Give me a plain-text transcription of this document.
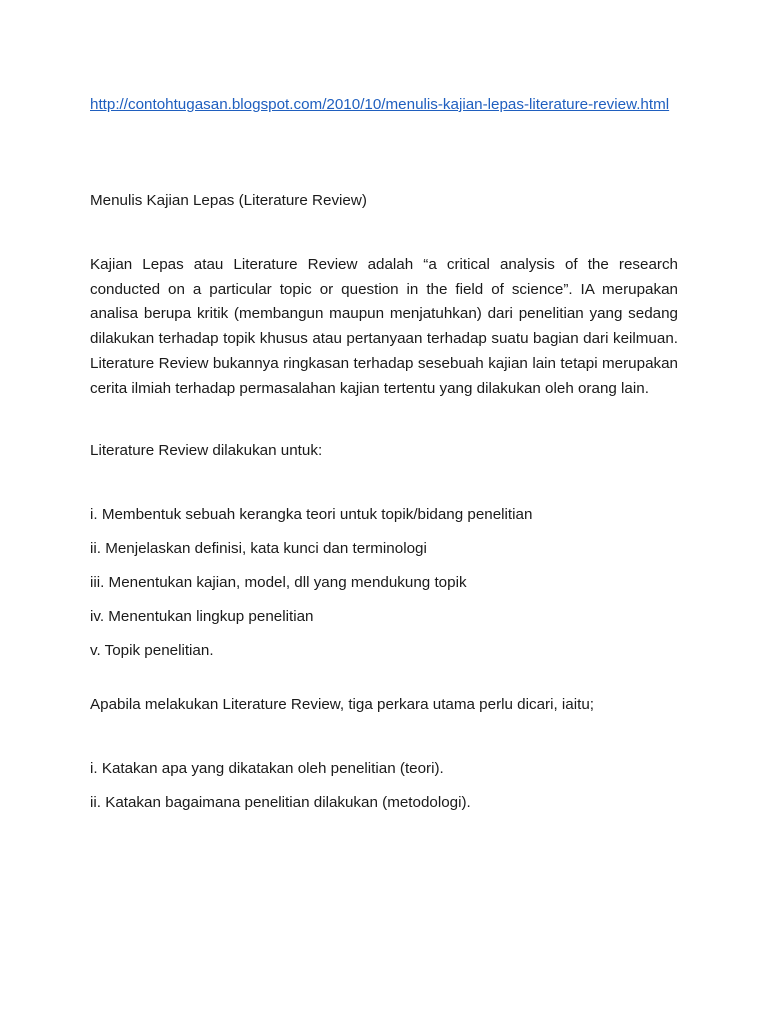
http://contohtugasan.blogspot.com/2010/10/menulis-kajian-lepas-literature-review.html

Menulis Kajian Lepas (Literature Review)

Kajian Lepas atau Literature Review adalah “a critical analysis of the research conducted on a particular topic or question in the field of science”. IA merupakan analisa berupa kritik (membangun maupun menjatuhkan) dari penelitian yang sedang dilakukan terhadap topik khusus atau pertanyaan terhadap suatu bagian dari keilmuan. Literature Review bukannya ringkasan terhadap sesebuah kajian lain tetapi merupakan cerita ilmiah terhadap permasalahan kajian tertentu yang dilakukan oleh orang lain.

Literature Review dilakukan untuk:

i. Membentuk sebuah kerangka teori untuk topik/bidang penelitian
ii. Menjelaskan definisi, kata kunci dan terminologi
iii. Menentukan kajian, model, dll yang mendukung topik
iv. Menentukan lingkup penelitian
v. Topik penelitian.

Apabila melakukan Literature Review, tiga perkara utama perlu dicari, iaitu;

i. Katakan apa yang dikatakan oleh penelitian (teori).
ii. Katakan bagaimana penelitian dilakukan (metodologi).
